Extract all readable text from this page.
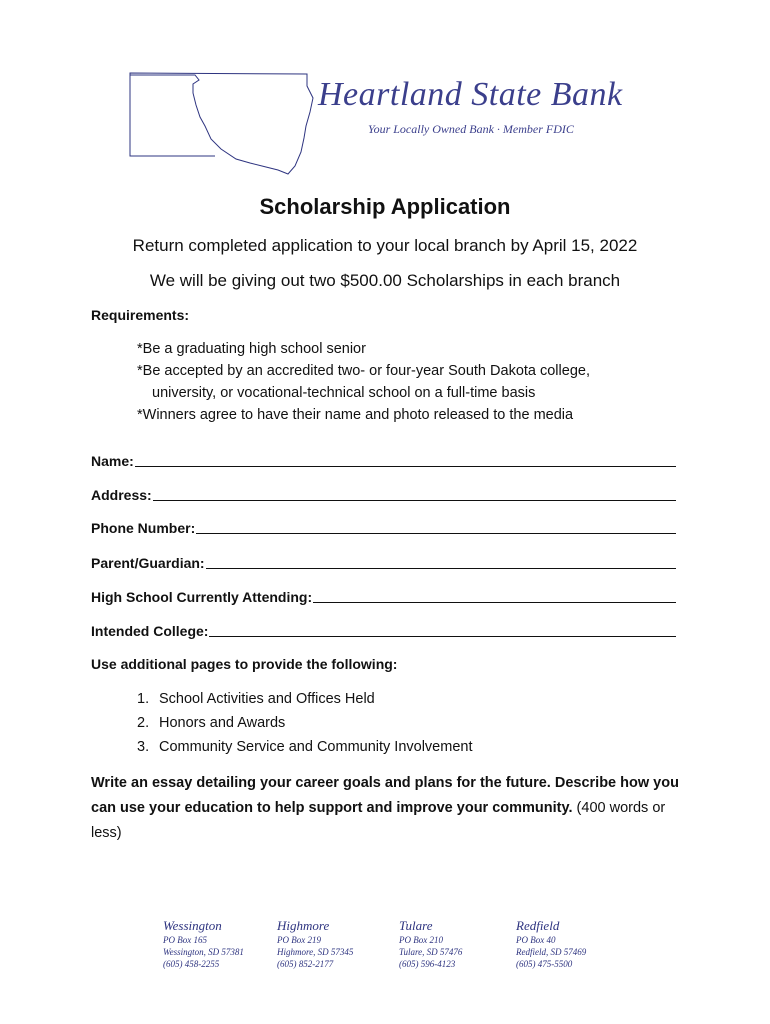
Heartland State Bank
Your Locally Owned Bank · Member FDIC
Scholarship Application
Return completed application to your local branch by April 15, 2022
We will be giving out two $500.00 Scholarships in each branch
Requirements:
*Be a graduating high school senior
*Be accepted by an accredited two- or four-year South Dakota college,
university, or vocational-technical school on a full-time basis
*Winners agree to have their name and photo released to the media
Name:
Address:
Phone Number:
Parent/Guardian:
High School Currently Attending:
Intended College:
Use additional pages to provide the following:
1. School Activities and Offices Held
2. Honors and Awards
3. Community Service and Community Involvement
Write an essay detailing your career goals and plans for the future. Describe how you can use your education to help support and improve your community. (400 words or less)
Wessington
PO Box 165
Wessington, SD 57381
(605) 458-2255
Highmore
PO Box 219
Highmore, SD 57345
(605) 852-2177
Tulare
PO Box 210
Tulare, SD 57476
(605) 596-4123
Redfield
PO Box 40
Redfield, SD 57469
(605) 475-5500
